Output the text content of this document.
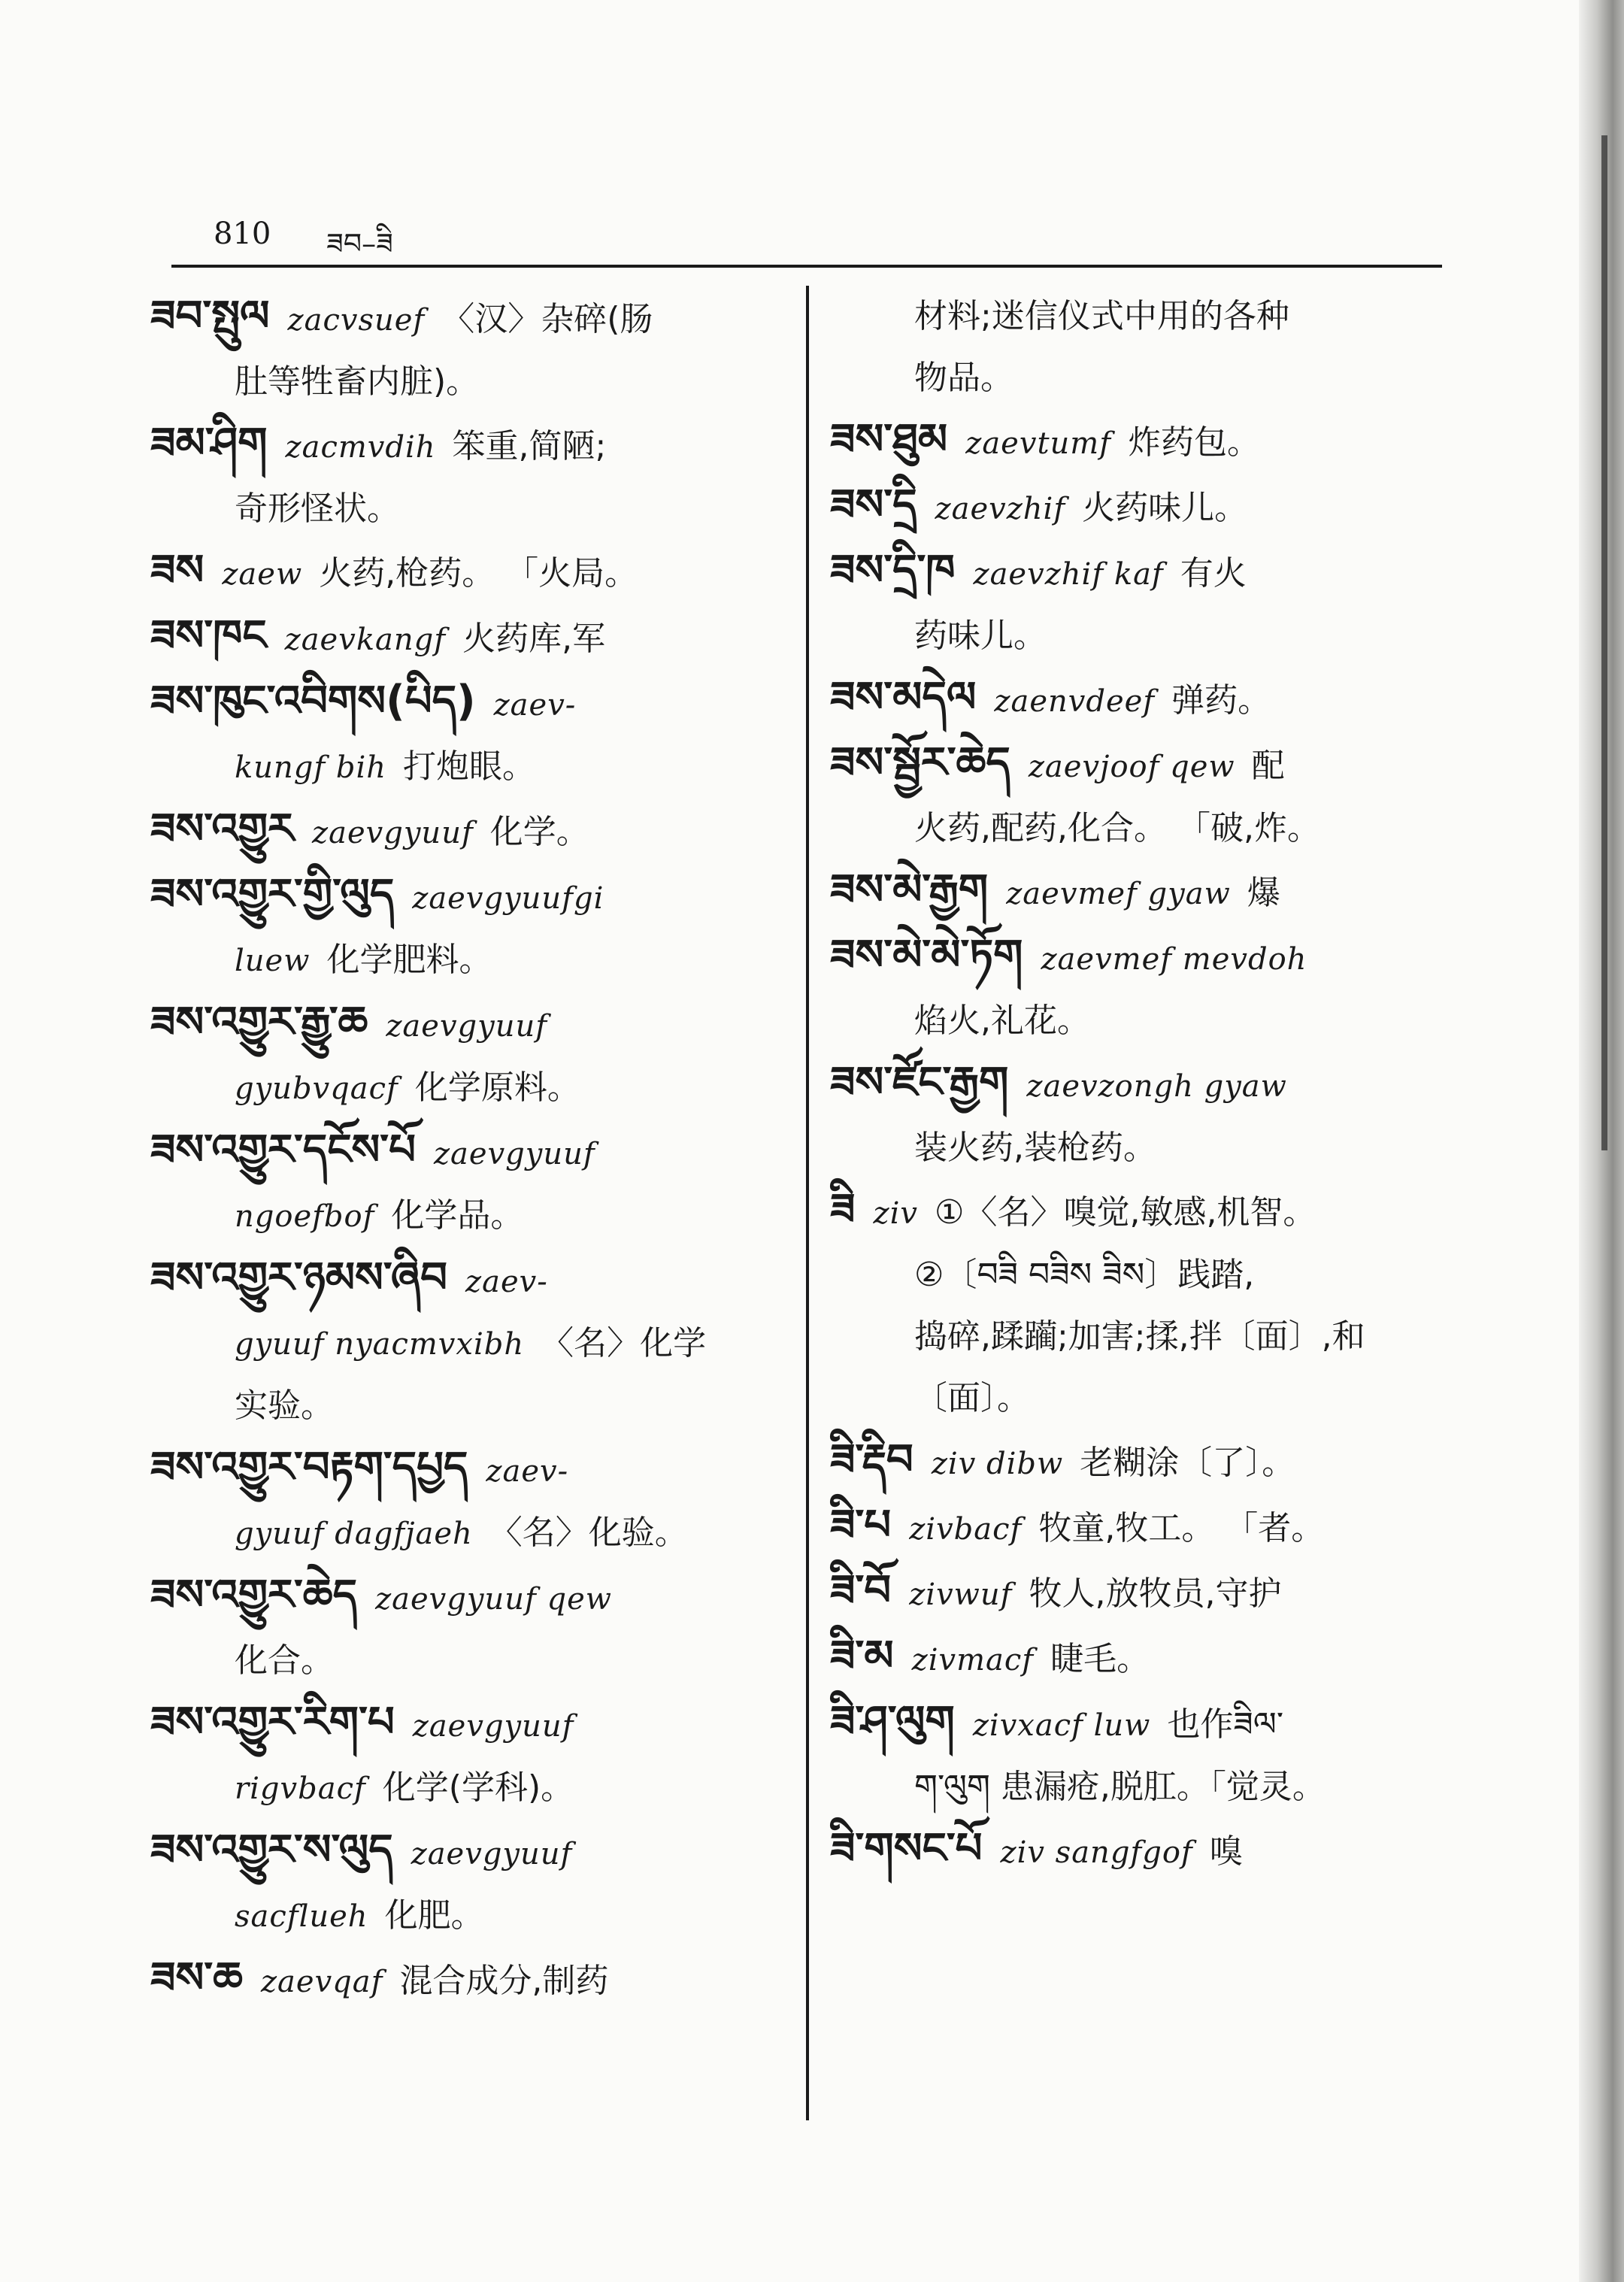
810 ཟབ–ཟི
ཟབ་སྤུལ zacvsuef 〈汉〉杂碎(肠
肚等牲畜内脏)。
ཟམ་ཤིག zacmvdih 笨重,简陋;
奇形怪状。
ཟས zaew 火药,枪药。 「火局。
ཟས་ཁང zaevkangf 火药库,军
ཟས་ཁུང་འབིགས(པིད) zaev-
kungf bih 打炮眼。
ཟས་འགྱུར zaevgyuuf 化学。
ཟས་འགྱུར་གྱི་ལུད zaevgyuufgi
luew 化学肥料。
ཟས་འགྱུར་རྒྱུ་ཆ zaevgyuuf
gyubvqacf 化学原料。
ཟས་འགྱུར་དངོས་པོ zaevgyuuf
ngoefbof 化学品。
ཟས་འགྱུར་ཉམས་ཞིབ zaev-
gyuuf nyacmvxibh 〈名〉化学
实验。
ཟས་འགྱུར་བརྟག་དཔྱད zaev-
gyuuf dagfjaeh 〈名〉化验。
ཟས་འགྱུར་ཆེད zaevgyuuf qew
化合。
ཟས་འགྱུར་རིག་པ zaevgyuuf
rigvbacf 化学(学科)。
ཟས་འགྱུར་ས་ལུད zaevgyuuf
sacflueh 化肥。
ཟས་ཆ zaevqaf 混合成分,制药
材料;迷信仪式中用的各种
物品。
ཟས་ཐུམ zaevtumf 炸药包。
ཟས་དྲི zaevzhif 火药味儿。
ཟས་དྲི་ཁ zaevzhif kaf 有火
药味儿。
ཟས་མདེལ zaenvdeef 弹药。
ཟས་སྦྱོར་ཆེད zaevjoof qew 配
火药,配药,化合。 「破,炸。
ཟས་མེ་རྒྱག zaevmef gyaw 爆
ཟས་མེ་མེ་ཏོག zaevmef mevdoh
焰火,礼花。
ཟས་ཛོང་རྒྱག zaevzongh gyaw
装火药,装枪药。
ཟི ziv ①〈名〉嗅觉,敏感,机智。
②〔བཟི བཟིས ཟིས〕践踏,
捣碎,蹂躏;加害;揉,拌〔面〕,和
〔面〕。
ཟི་རྡིབ ziv dibw 老糊涂〔了〕。
ཟི་པ zivbacf 牧童,牧工。 「者。
ཟི་བོ zivwuf 牧人,放牧员,守护
ཟི་མ zivmacf 睫毛。
ཟི་ཤ་ལུག zivxacf luw 也作ཟིལ་
ག་ལུག 患漏疮,脱肛。「觉灵。
ཟི་གསང་པོ ziv sangfgof 嗅
